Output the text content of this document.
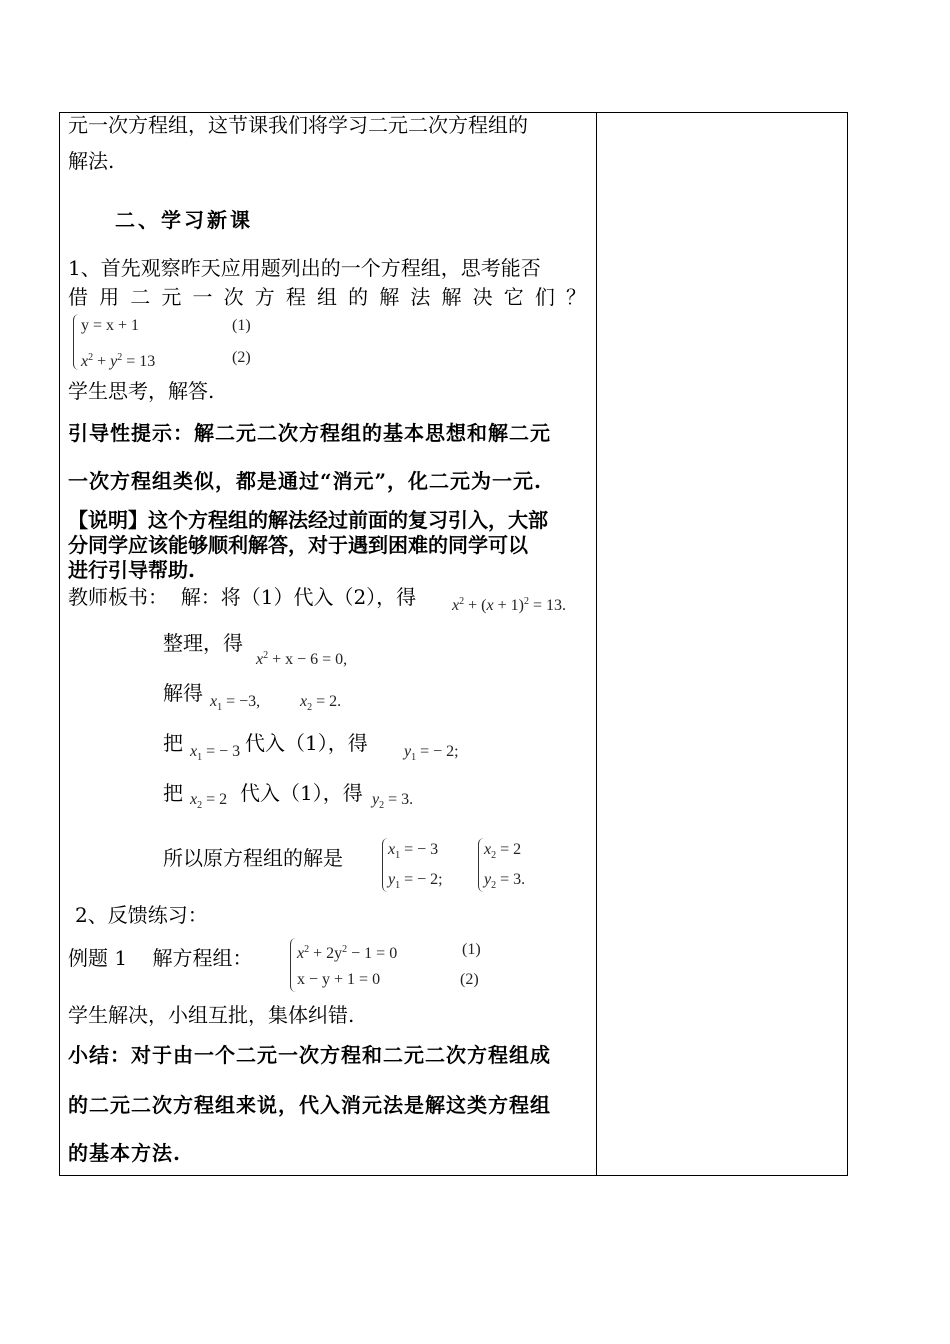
元一次方程组，这节课我们将学习二元二次方程组的
解法.
二、学习新课
1、首先观察昨天应用题列出的一个方程组，思考能否
借 用 二 元 一 次 方 程 组 的 解 法 解 决 它 们 ？
y = x + 1	(1)
$x^2 + y^2 = 13$	(2)
学生思考，解答.
引导性提示：解二元二次方程组的基本思想和解二元
一次方程组类似，都是通过“消元”，化二元为一元.
【说明】这个方程组的解法经过前面的复习引入，大部
分同学应该能够顺利解答，对于遇到困难的同学可以
进行引导帮助.
教师板书：  解：将（1）代入（2），得 $x^2 + (x + 1)^2 = 13$.
整理，得
$x^2 + x - 6 = 0$,
解得 $x_1 = -3$, $x_2 = 2$.
把 $x_1$ = − 3 代入（1），得 $y_1$ = − 2;
把 $x_2 = 2$ 代入（1），得 $y_2 = 3$.
所以原方程组的解是	$x_1$ = − 3
$y_1$ = − 2;
$x_2 = 2$
$y_2 = 3$.
2、反馈练习：
例题 1    解方程组：	$x^2 + 2y^2 - 1 = 0$	(1)
x − y + 1 = 0	(2)
学生解决，小组互批，集体纠错.
小结：对于由一个二元一次方程和二元二次方程组成
的二元二次方程组来说，代入消元法是解这类方程组
的基本方法.
